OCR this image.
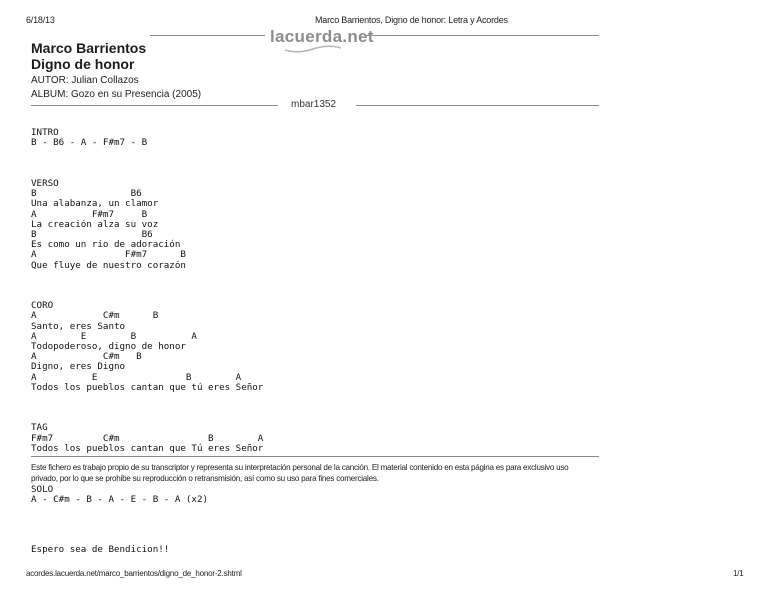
6/18/13	Marco Barrientos, Digno de honor: Letra y Acordes
lacuerda.net
Marco Barrientos
Digno de honor
AUTOR: Julian Collazos
ALBUM: Gozo en su Presencia (2005)
mbar1352

INTRO
B - B6 - A - F#m7 - B

VERSO
B                 B6
Una alabanza, un clamor
A          F#m7     B
La creación alza su voz
B                   B6
Es como un rio de adoración
A                F#m7      B
Que fluye de nuestro corazón

CORO
A            C#m      B
Santo, eres Santo
A        E        B          A
Todopoderoso, digno de honor
A            C#m   B
Digno, eres Digno
A          E                B        A
Todos los pueblos cantan que tú eres Señor

TAG
F#m7         C#m                B        A
Todos los pueblos cantan que Tú eres Señor

SOLO
A - C#m - B - A - E - B - A (x2)

Espero sea de Bendicion!!

Este fichero es trabajo propio de su transcriptor y representa su interpretación personal de la canción. El material contenido en esta página es para exclusivo uso privado, por lo que se prohibe su reproducción o retransmisión, así como su uso para fines comerciales.
acordes.lacuerda.net/marco_barrientos/digno_de_honor-2.shtml	1/1
